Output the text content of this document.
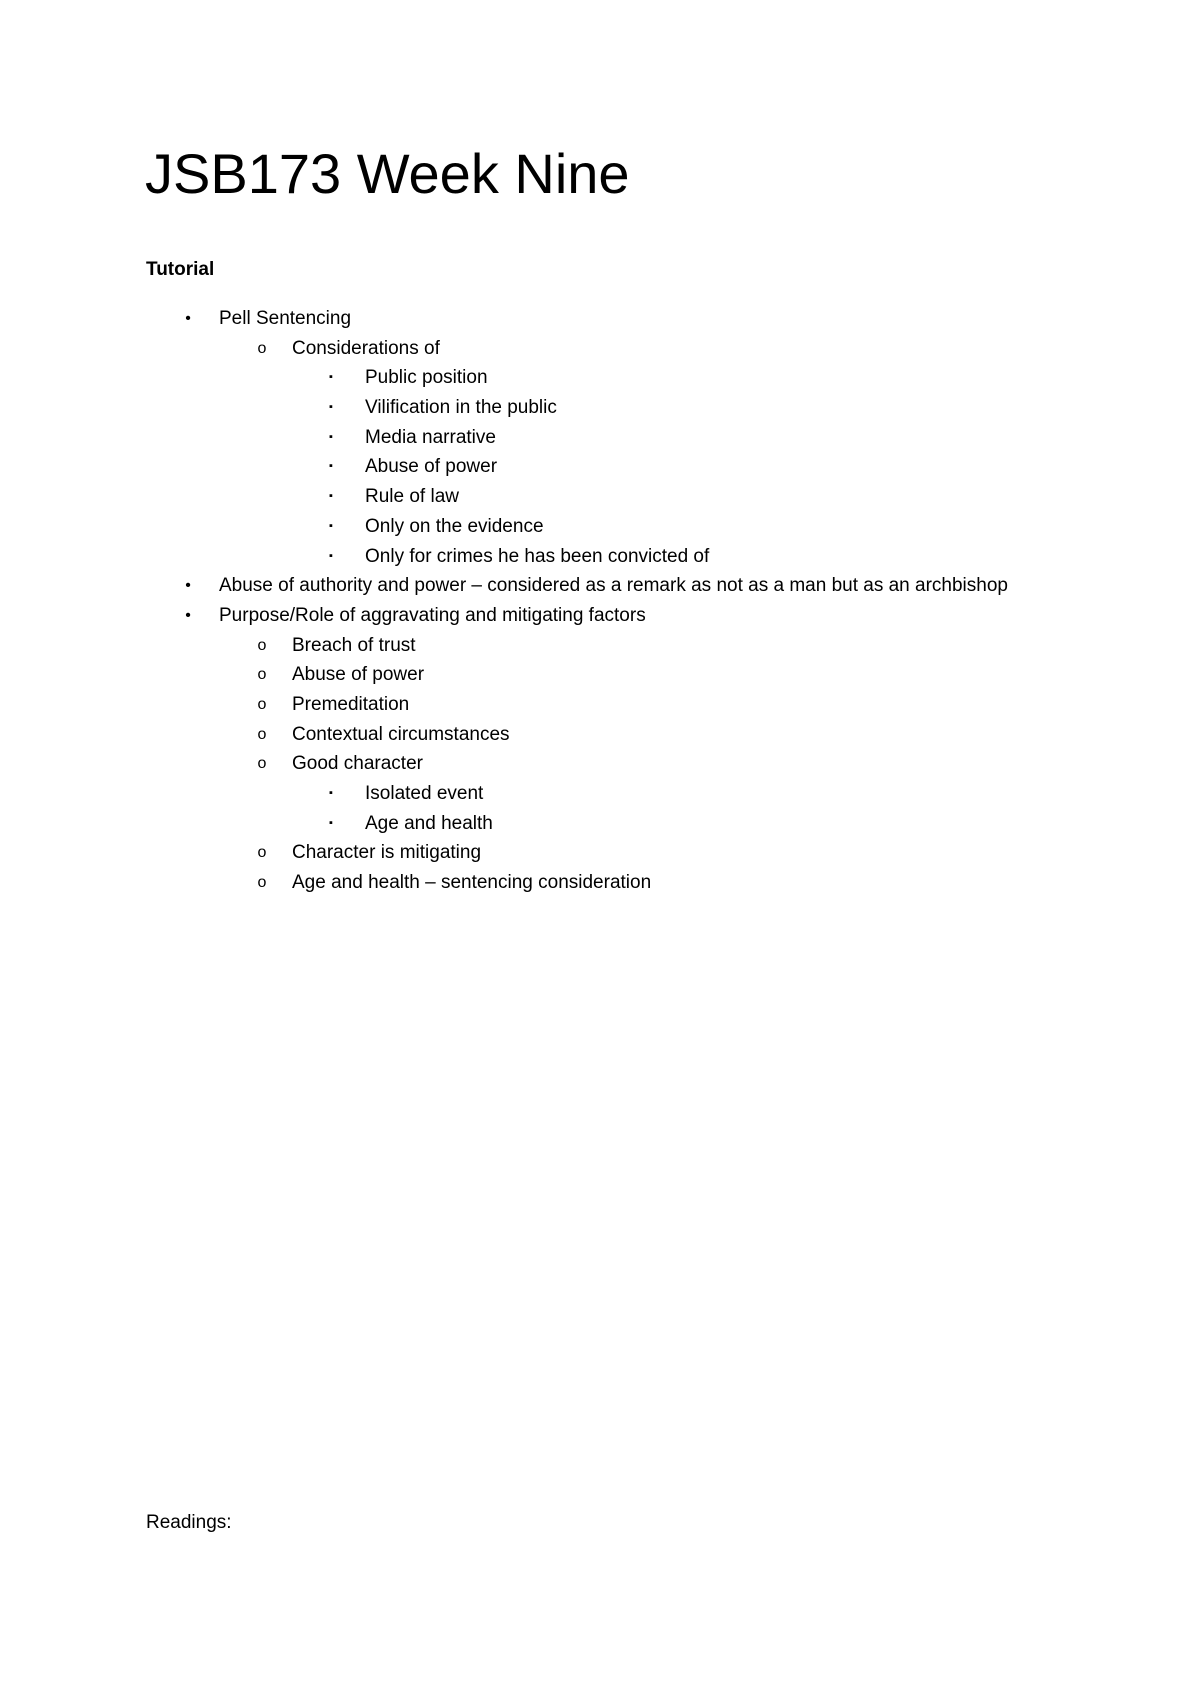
JSB173 Week Nine
Tutorial
•	Pell Sentencing
o Considerations of
▪	Public position
▪	Vilification in the public
▪	Media narrative
▪	Abuse of power
▪	Rule of law
▪	Only on the evidence
▪	Only for crimes he has been convicted of
•	Abuse of authority and power – considered as a remark as not as a man but as an archbishop
•	Purpose/Role of aggravating and mitigating factors
o Breach of trust
o Abuse of power
o Premeditation
o Contextual circumstances
o Good character
▪	Isolated event
▪	Age and health
o Character is mitigating
o Age and health – sentencing consideration

Readings:
